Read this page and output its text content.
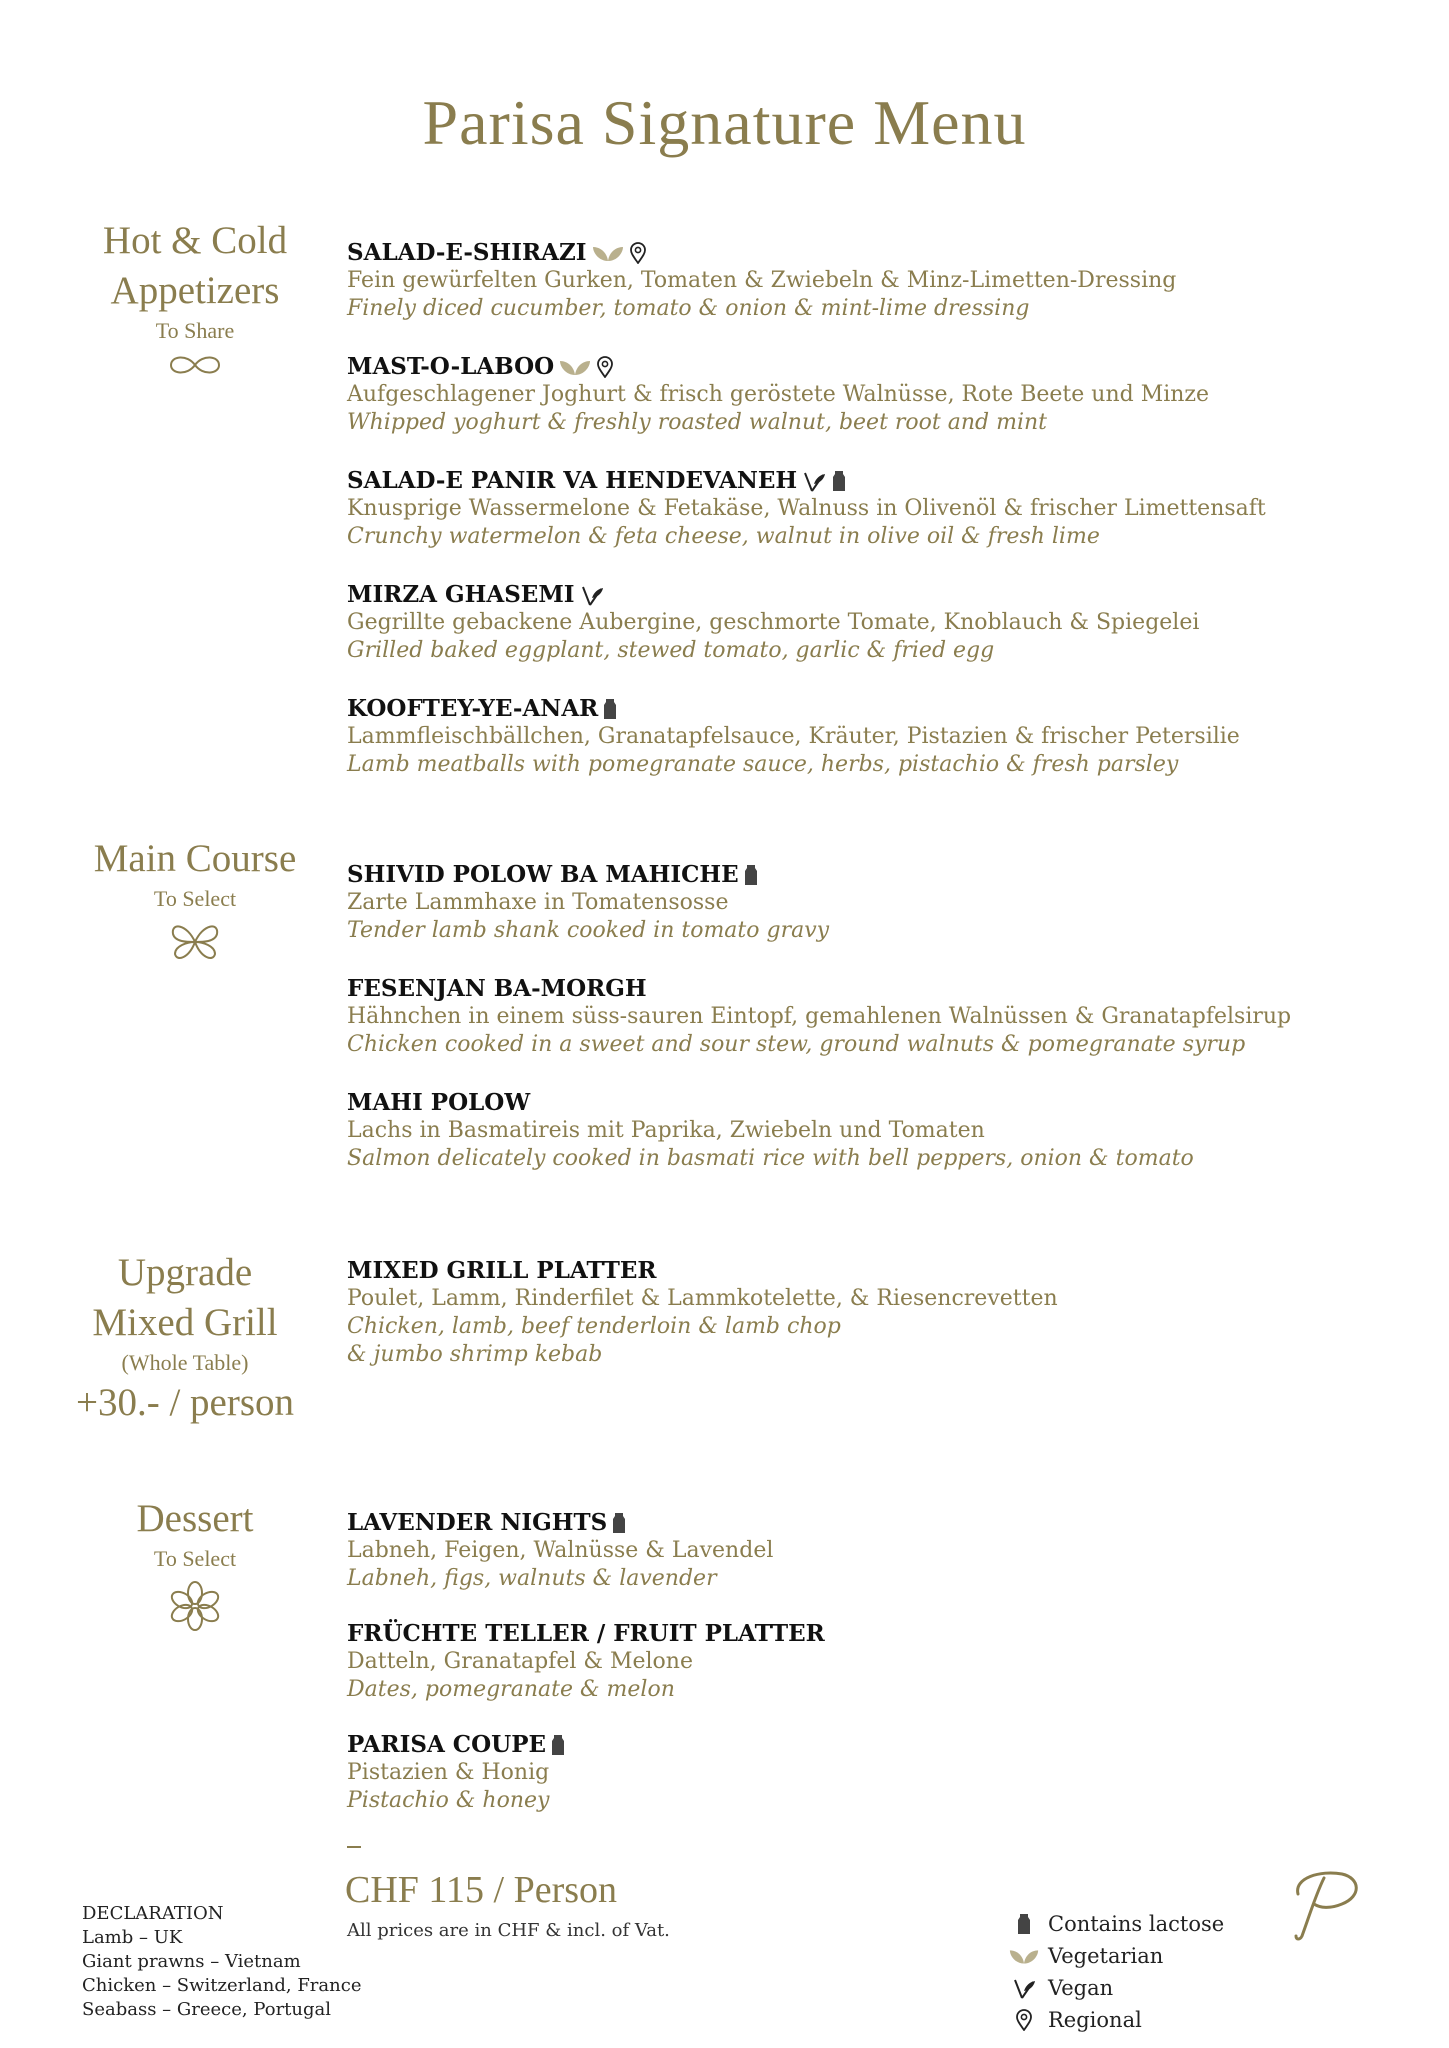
Parisa Signature Menu
Hot & Cold
Appetizers
To Share
Main Course
To Select
Upgrade
Mixed Grill
(Whole Table)
+30.- / person
Dessert
To Select
SALAD-E-SHIRAZI
Fein gewürfelten Gurken, Tomaten & Zwiebeln & Minz-Limetten-Dressing
Finely diced cucumber, tomato & onion & mint-lime dressing
MAST-O-LABOO
Aufgeschlagener Joghurt & frisch geröstete Walnüsse, Rote Beete und Minze
Whipped yoghurt & freshly roasted walnut, beet root and mint
SALAD-E PANIR VA HENDEVANEH
Knusprige Wassermelone & Fetakäse, Walnuss in Olivenöl & frischer Limettensaft
Crunchy watermelon & feta cheese, walnut in olive oil & fresh lime
MIRZA GHASEMI
Gegrillte gebackene Aubergine, geschmorte Tomate, Knoblauch & Spiegelei
Grilled baked eggplant, stewed tomato, garlic & fried egg
KOOFTEY-YE-ANAR
Lammfleischbällchen, Granatapfelsauce, Kräuter, Pistazien & frischer Petersilie
Lamb meatballs with pomegranate sauce, herbs, pistachio & fresh parsley
SHIVID POLOW BA MAHICHE
Zarte Lammhaxe in Tomatensosse
Tender lamb shank cooked in tomato gravy
FESENJAN BA-MORGH
Hähnchen in einem süss-sauren Eintopf, gemahlenen Walnüssen & Granatapfelsirup
Chicken cooked in a sweet and sour stew, ground walnuts & pomegranate syrup
MAHI POLOW
Lachs in Basmatireis mit Paprika, Zwiebeln und Tomaten
Salmon delicately cooked in basmati rice with bell peppers, onion & tomato
MIXED GRILL PLATTER
Poulet, Lamm, Rinderfilet & Lammkotelette, & Riesencrevetten
Chicken, lamb, beef tenderloin & lamb chop
& jumbo shrimp kebab
LAVENDER NIGHTS
Labneh, Feigen, Walnüsse & Lavendel
Labneh, figs, walnuts & lavender
FRÜCHTE TELLER / FRUIT PLATTER
Datteln, Granatapfel & Melone
Dates, pomegranate & melon
PARISA COUPE
Pistazien & Honig
Pistachio & honey
CHF 115 / Person
All prices are in CHF & incl. of Vat.
DECLARATION
Lamb – UK
Giant prawns – Vietnam
Chicken – Switzerland, France
Seabass – Greece, Portugal
Contains lactose
Vegetarian
Vegan
Regional
